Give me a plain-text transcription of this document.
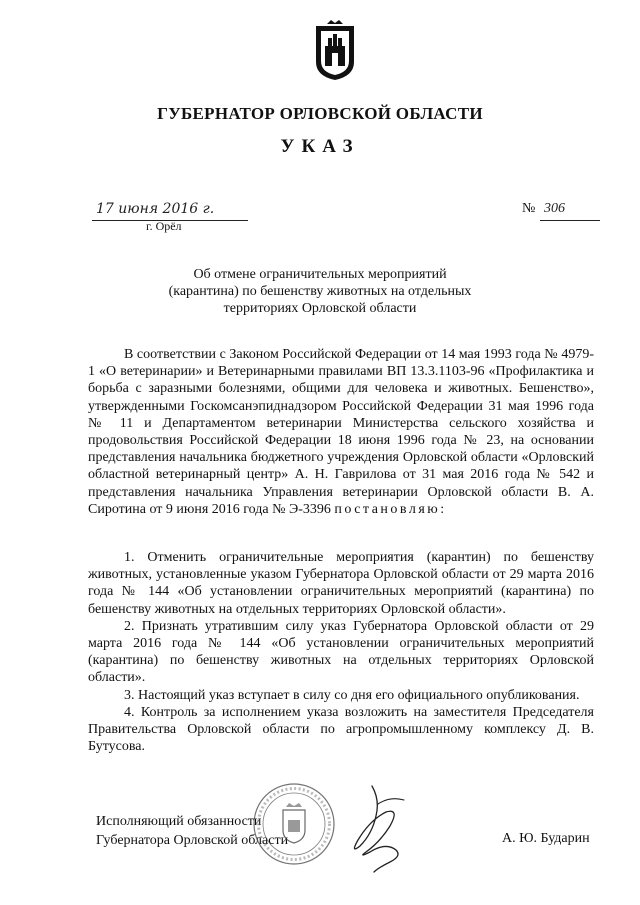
ГУБЕРНАТОР ОРЛОВСКОЙ ОБЛАСТИ
УКАЗ
17 июня 2016 г.
г. Орёл
№ 306
Об отмене ограничительных мероприятий
(карантина) по бешенству животных на отдельных
территориях Орловской области

В соответствии с Законом Российской Федерации от 14 мая 1993 года № 4979-1 «О ветеринарии» и Ветеринарными правилами ВП 13.3.1103-96 «Профилактика и борьба с заразными болезнями, общими для человека и животных. Бешенство», утвержденными Госкомсанэпиднадзором Российской Федерации 31 мая 1996 года № 11 и Департаментом ветеринарии Министерства сельского хозяйства и продовольствия Российской Федерации 18 июня 1996 года № 23, на основании представления начальника бюджетного учреждения Орловской области «Орловский областной ветеринарный центр» А. Н. Гаврилова от 31 мая 2016 года № 542 и представления начальника Управления ветеринарии Орловской области В. А. Сиротина от 9 июня 2016 года № Э-3396 постановляю:

1. Отменить ограничительные мероприятия (карантин) по бешенству животных, установленные указом Губернатора Орловской области от 29 марта 2016 года № 144 «Об установлении ограничительных мероприятий (карантина) по бешенству животных на отдельных территориях Орловской области».

2. Признать утратившим силу указ Губернатора Орловской области от 29 марта 2016 года № 144 «Об установлении ограничительных мероприятий (карантина) по бешенству животных на отдельных территориях Орловской области».

3. Настоящий указ вступает в силу со дня его официального опубликования.

4. Контроль за исполнением указа возложить на заместителя Председателя Правительства Орловской области по агропромышленному комплексу Д. В. Бутусова.

Исполняющий обязанности
Губернатора Орловской области	А. Ю. Бударин
